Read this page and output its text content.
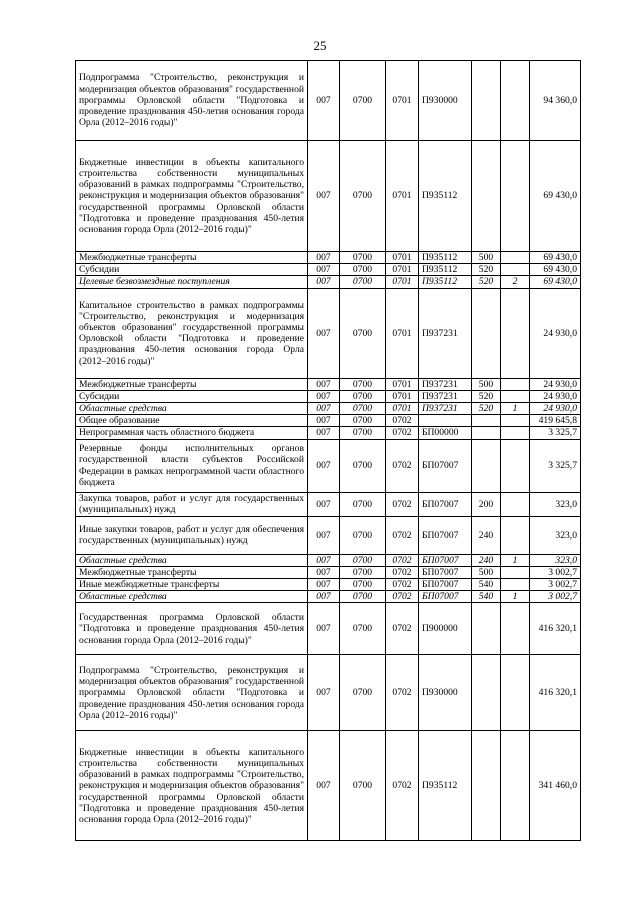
25
Подпрограмма "Строительство, реконструкция и модернизация объектов образования" государственной программы Орловской области "Подготовка и проведение празднования 450-летия основания города Орла (2012–2016 годы)"	007	0700	0701	П930000			94 360,0
Бюджетные инвестиции в объекты капитального строительства собственности муниципальных образований в рамках подпрограммы "Строительство, реконструкция и модернизация объектов образования" государственной программы Орловской области "Подготовка и проведение празднования 450-летия основания города Орла (2012–2016 годы)"	007	0700	0701	П935112			69 430,0
Межбюджетные трансферты	007	0700	0701	П935112	500		69 430,0
Субсидии	007	0700	0701	П935112	520		69 430,0
Целевые безвозмездные поступления	007	0700	0701	П935112	520	2	69 430,0
Капитальное строительство в рамках подпрограммы "Строительство, реконструкция и модернизация объектов образования" государственной программы Орловской области "Подготовка и проведение празднования 450-летия основания города Орла (2012–2016 годы)"	007	0700	0701	П937231			24 930,0
Межбюджетные трансферты	007	0700	0701	П937231	500		24 930,0
Субсидии	007	0700	0701	П937231	520		24 930,0
Областные средства	007	0700	0701	П937231	520	1	24 930,0
Общее образование	007	0700	0702				419 645,8
Непрограммная часть областного бюджета	007	0700	0702	БП00000			3 325,7
Резервные фонды исполнительных органов государственной власти субъектов Российской Федерации в рамках непрограммной части областного бюджета	007	0700	0702	БП07007			3 325,7
Закупка товаров, работ и услуг для государственных (муниципальных) нужд	007	0700	0702	БП07007	200		323,0
Иные закупки товаров, работ и услуг для обеспечения государственных (муниципальных) нужд	007	0700	0702	БП07007	240		323,0
Областные средства	007	0700	0702	БП07007	240	1	323,0
Межбюджетные трансферты	007	0700	0702	БП07007	500		3 002,7
Иные межбюджетные трансферты	007	0700	0702	БП07007	540		3 002,7
Областные средства	007	0700	0702	БП07007	540	1	3 002,7
Государственная программа Орловской области "Подготовка и проведение празднования 450-летия основания города Орла (2012–2016 годы)"	007	0700	0702	П900000			416 320,1
Подпрограмма "Строительство, реконструкция и модернизация объектов образования" государственной программы Орловской области "Подготовка и проведение празднования 450-летия основания города Орла (2012–2016 годы)"	007	0700	0702	П930000			416 320,1
Бюджетные инвестиции в объекты капитального строительства собственности муниципальных образований в рамках подпрограммы "Строительство, реконструкция и модернизация объектов образования" государственной программы Орловской области "Подготовка и проведение празднования 450-летия основания города Орла (2012–2016 годы)"	007	0700	0702	П935112			341 460,0
